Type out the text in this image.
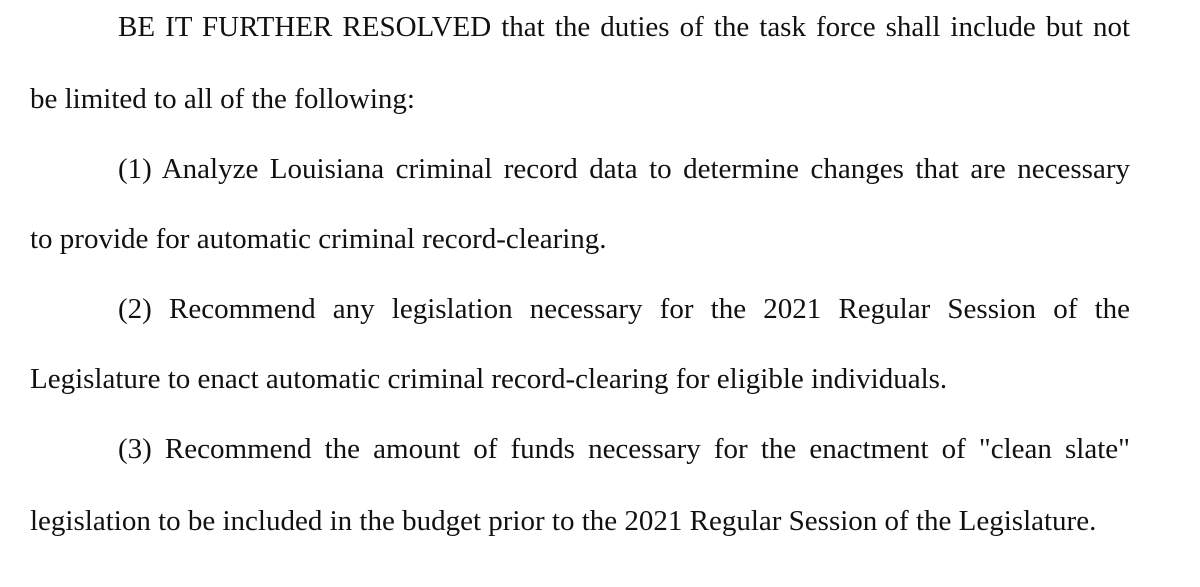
BE IT FURTHER RESOLVED that the duties of the task force shall include but not
be limited to all of the following:
(1) Analyze Louisiana criminal record data to determine changes that are necessary
to provide for automatic criminal record-clearing.
(2) Recommend any legislation necessary for the 2021 Regular Session of the
Legislature to enact automatic criminal record-clearing for eligible individuals.
(3) Recommend the amount of funds necessary for the enactment of "clean slate"
legislation to be included in the budget prior to the 2021 Regular Session of the Legislature.
